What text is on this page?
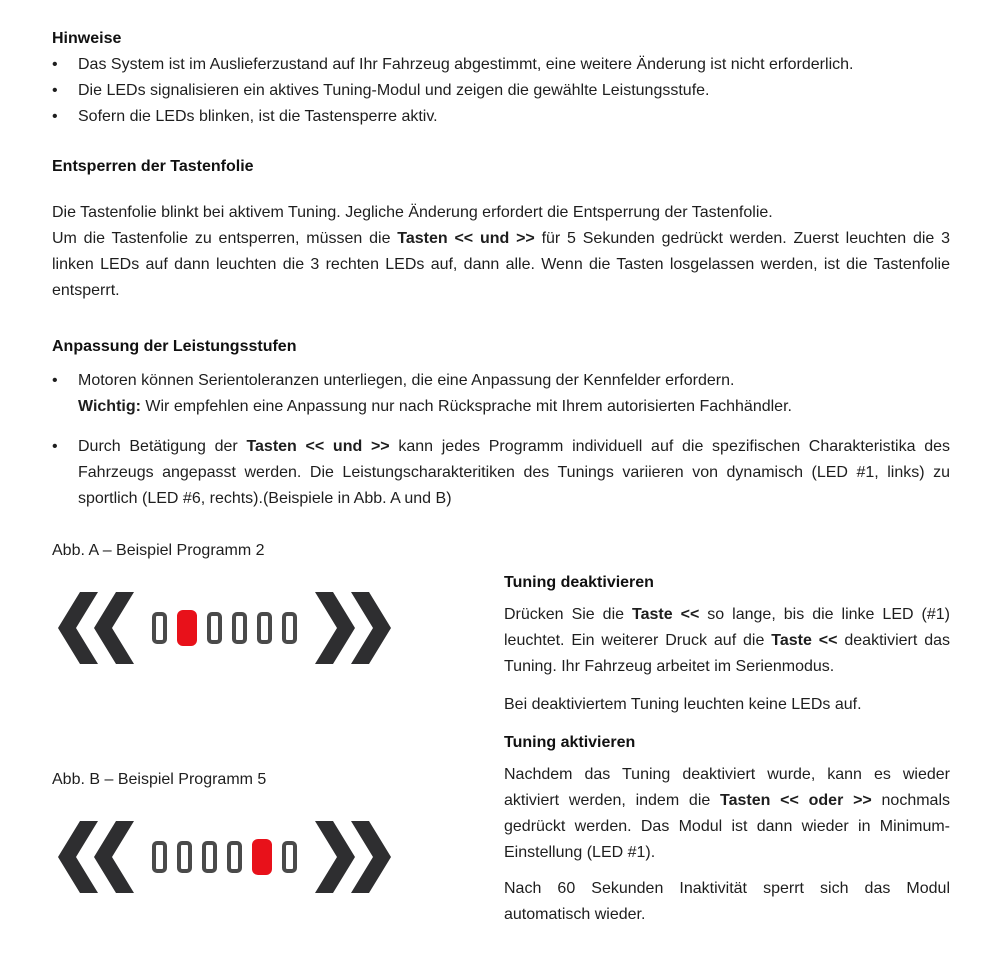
Hinweise
•	Das System ist im Auslieferzustand auf Ihr Fahrzeug abgestimmt, eine weitere Änderung ist nicht erforderlich.
•	Die LEDs signalisieren ein aktives Tuning-Modul und zeigen die gewählte Leistungsstufe.
•	Sofern die LEDs blinken, ist die Tastensperre aktiv.
Entsperren der Tastenfolie

Die Tastenfolie blinkt bei aktivem Tuning. Jegliche Änderung erfordert die Entsperrung der Tastenfolie.

Um die Tastenfolie zu entsperren, müssen die Tasten << und >> für 5 Sekunden gedrückt werden. Zuerst leuchten die 3 linken LEDs auf dann leuchten die 3 rechten LEDs auf, dann alle. Wenn die Tasten losgelassen werden, ist die Tastenfolie entsperrt.

Anpassung der Leistungsstufen
•	Motoren können Serientoleranzen unterliegen, die eine Anpassung der Kennfelder erfordern.

Wichtig: Wir empfehlen eine Anpassung nur nach Rücksprache mit Ihrem autorisierten Fachhändler.

•	Durch Betätigung der Tasten << und >> kann jedes Programm individuell auf die spezifischen Charakteristika des Fahrzeugs angepasst werden. Die Leistungscharakteritiken des Tunings variieren von dynamisch (LED #1, links) zu sportlich (LED #6, rechts).(Beispiele in Abb. A und B)
Abb. A – Beispiel Programm 2
Abb. B – Beispiel Programm 5
Tuning deaktivieren

Drücken Sie die Taste << so lange, bis die linke LED (#1) leuchtet. Ein weiterer Druck auf die Taste << deaktiviert das Tuning. Ihr Fahrzeug arbeitet im Serienmodus.

Bei deaktiviertem Tuning leuchten keine LEDs auf.

Tuning aktivieren

Nachdem das Tuning deaktiviert wurde, kann es wieder aktiviert werden, indem die Tasten << oder >> nochmals gedrückt werden. Das Modul ist dann wieder in Minimum-Einstellung (LED #1).

Nach 60 Sekunden Inaktivität sperrt sich das Modul automatisch wieder.
